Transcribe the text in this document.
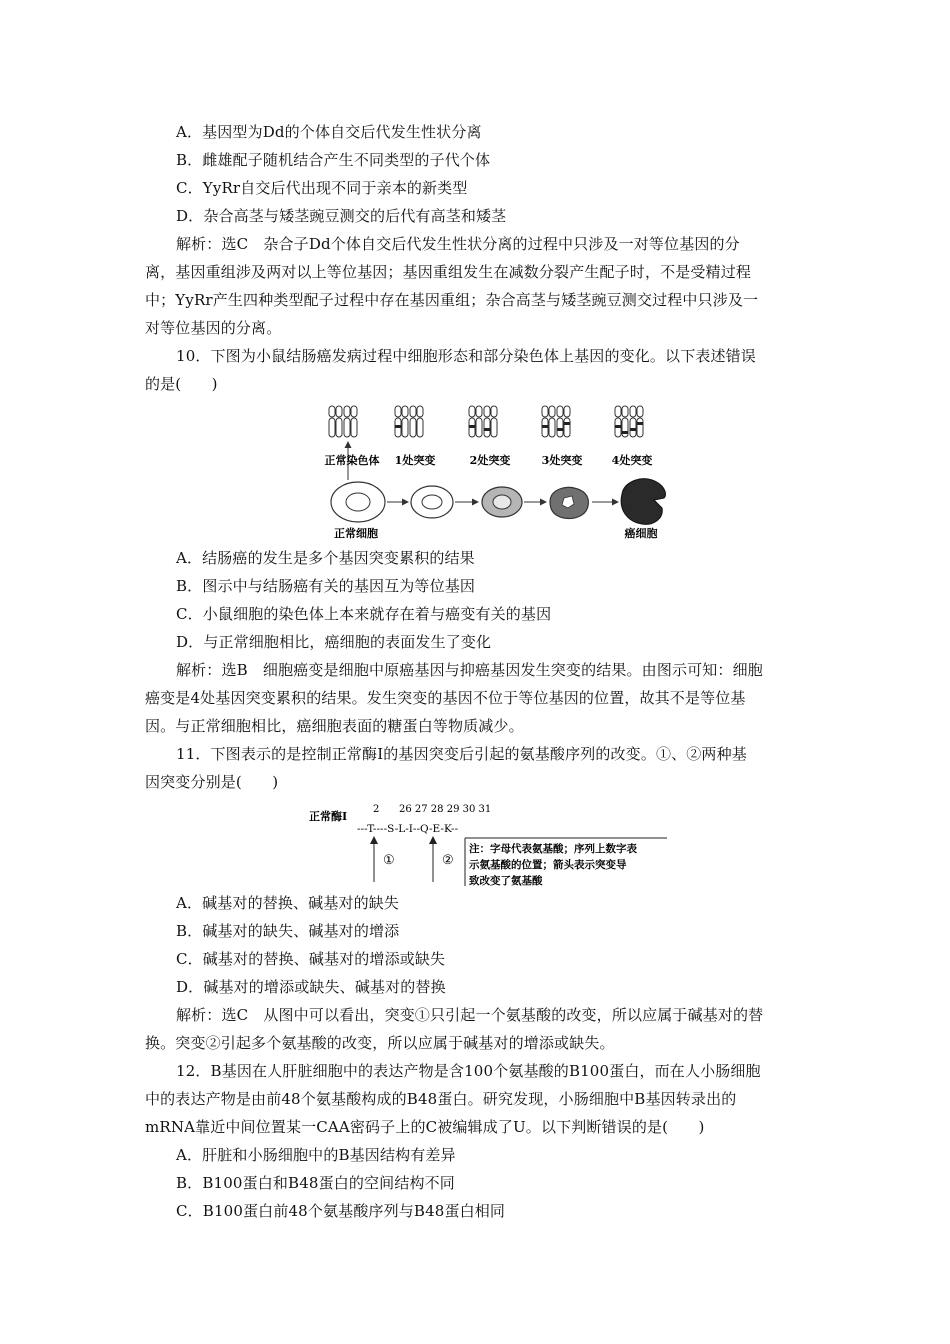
A．基因型为Dd的个体自交后代发生性状分离
B．雌雄配子随机结合产生不同类型的子代个体
C．YyRr自交后代出现不同于亲本的新类型
D．杂合高茎与矮茎豌豆测交的后代有高茎和矮茎
解析：选C　杂合子Dd个体自交后代发生性状分离的过程中只涉及一对等位基因的分
离，基因重组涉及两对以上等位基因；基因重组发生在减数分裂产生配子时，不是受精过程
中；YyRr产生四种类型配子过程中存在基因重组；杂合高茎与矮茎豌豆测交过程中只涉及一
对等位基因的分离。
10．下图为小鼠结肠癌发病过程中细胞形态和部分染色体上基因的变化。以下表述错误
的是(　　)
正常染色体 1处突变	2处突变	3处突变	4处突变
正常细胞	癌细胞
A．结肠癌的发生是多个基因突变累积的结果
B．图示中与结肠癌有关的基因互为等位基因
C．小鼠细胞的染色体上本来就存在着与癌变有关的基因
D．与正常细胞相比，癌细胞的表面发生了变化
解析：选B　细胞癌变是细胞中原癌基因与抑癌基因发生突变的结果。由图示可知：细胞
癌变是4处基因突变累积的结果。发生突变的基因不位于等位基因的位置，故其不是等位基
因。与正常细胞相比，癌细胞表面的糖蛋白等物质减少。
11．下图表示的是控制正常酶Ⅰ的基因突变后引起的氨基酸序列的改变。①、②两种基
因突变分别是(　　)
正常酶Ⅰ
2 26 27 28 29 30 31
---T----S-L-I--Q-E-K--
①	②
注：字母代表氨基酸；序列上数字表
示氨基酸的位置；箭头表示突变导
致改变了氨基酸
A．碱基对的替换、碱基对的缺失
B．碱基对的缺失、碱基对的增添
C．碱基对的替换、碱基对的增添或缺失
D．碱基对的增添或缺失、碱基对的替换
解析：选C　从图中可以看出，突变①只引起一个氨基酸的改变，所以应属于碱基对的替
换。突变②引起多个氨基酸的改变，所以应属于碱基对的增添或缺失。
12．B基因在人肝脏细胞中的表达产物是含100个氨基酸的B100蛋白，而在人小肠细胞
中的表达产物是由前48个氨基酸构成的B48蛋白。研究发现，小肠细胞中B基因转录出的
mRNA靠近中间位置某一CAA密码子上的C被编辑成了U。以下判断错误的是(　　)
A．肝脏和小肠细胞中的B基因结构有差异
B．B100蛋白和B48蛋白的空间结构不同
C．B100蛋白前48个氨基酸序列与B48蛋白相同
